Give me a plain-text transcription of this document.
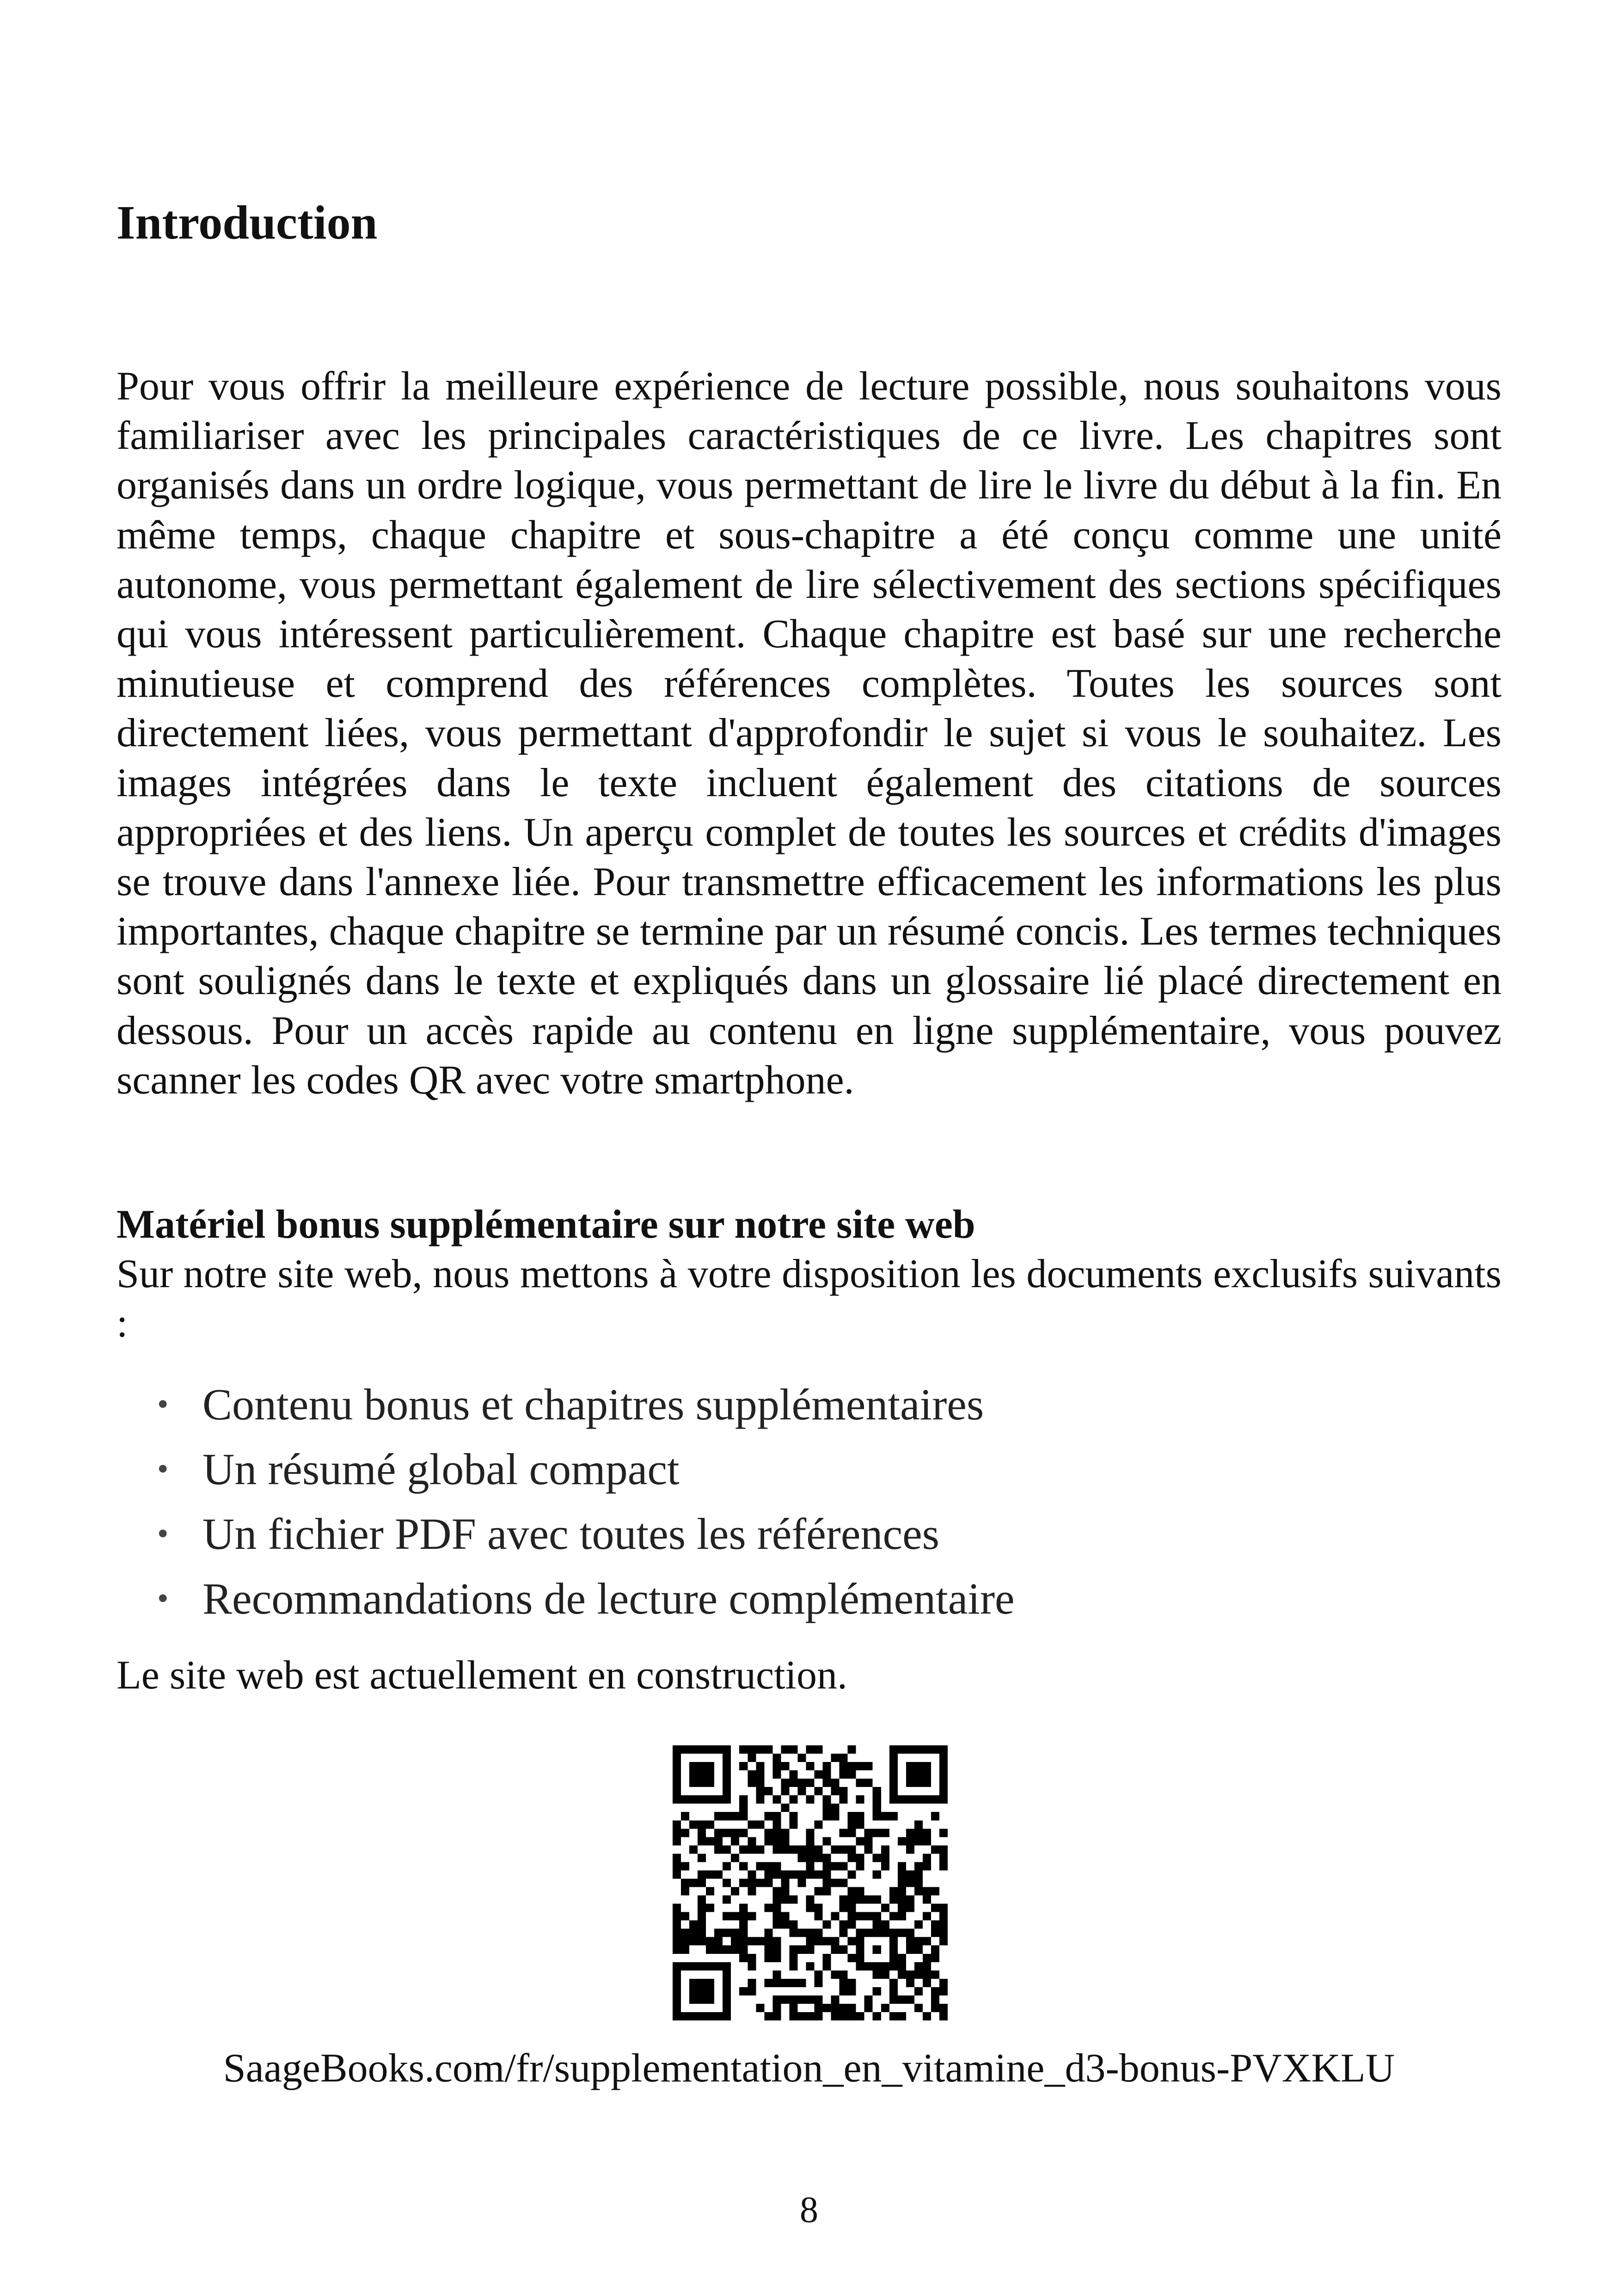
Introduction

Pour vous offrir la meilleure expérience de lecture possible, nous souhaitons vous familiariser avec les principales caractéristiques de ce livre. Les chapitres sont organisés dans un ordre logique, vous permettant de lire le livre du début à la fin. En même temps, chaque chapitre et sous-chapitre a été conçu comme une unité autonome, vous permettant également de lire sélectivement des sections spécifiques qui vous intéressent particulièrement. Chaque chapitre est basé sur une recherche minutieuse et comprend des références complètes. Toutes les sources sont directement liées, vous permettant d'approfondir le sujet si vous le souhaitez. Les images intégrées dans le texte incluent également des citations de sources appropriées et des liens. Un aperçu complet de toutes les sources et crédits d'images se trouve dans l'annexe liée. Pour transmettre efficacement les informations les plus importantes, chaque chapitre se termine par un résumé concis. Les termes techniques sont soulignés dans le texte et expliqués dans un glossaire lié placé directement en dessous. Pour un accès rapide au contenu en ligne supplémentaire, vous pouvez scanner les codes QR avec votre smartphone.

Matériel bonus supplémentaire sur notre site web

Sur notre site web, nous mettons à votre disposition les documents exclusifs suivants :

• Contenu bonus et chapitres supplémentaires
• Un résumé global compact
• Un fichier PDF avec toutes les références
• Recommandations de lecture complémentaire

Le site web est actuellement en construction.

SaageBooks.com/fr/supplementation_en_vitamine_d3-bonus-PVXKLU

8
